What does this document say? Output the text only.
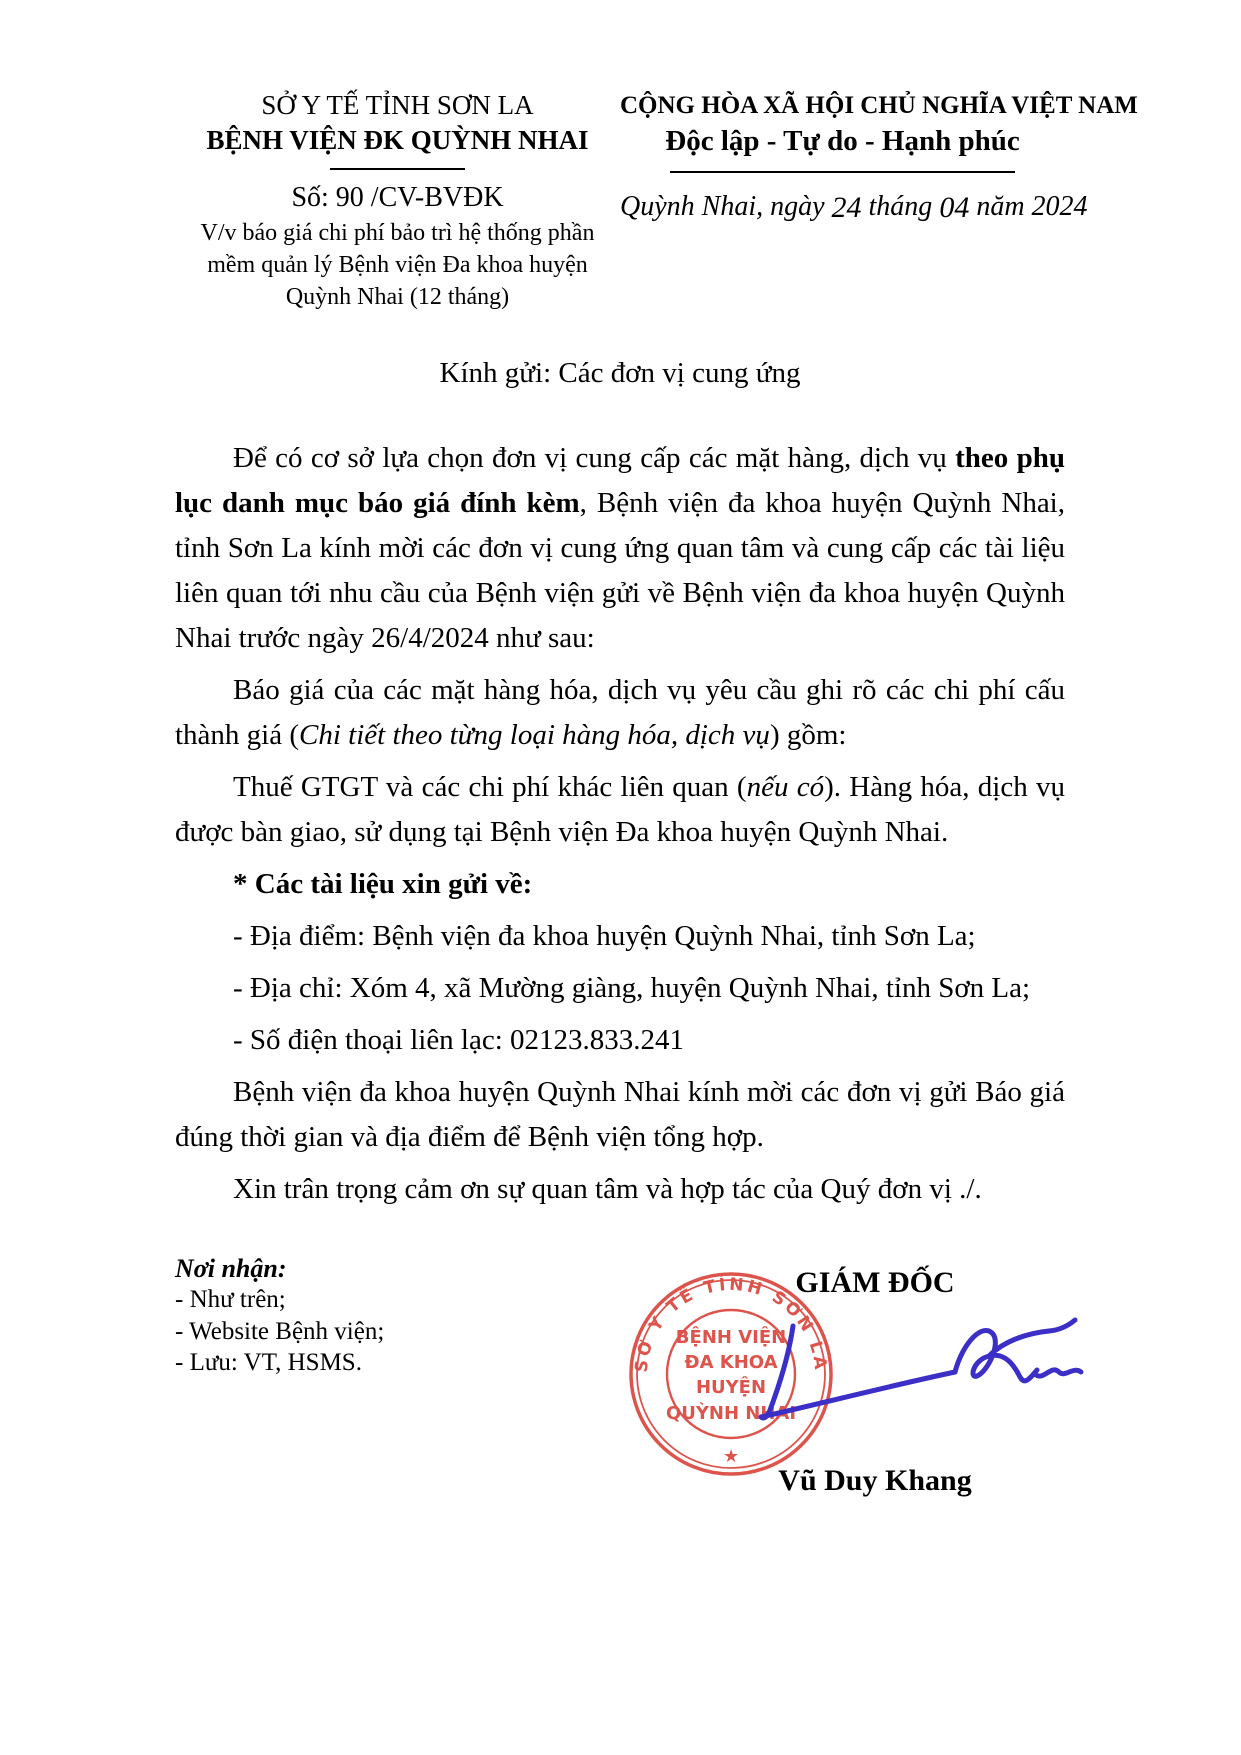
SỞ Y TẾ TỈNH SƠN LA
BỆNH VIỆN ĐK QUỲNH NHAI
Số: 90 /CV-BVĐK
V/v báo giá chi phí bảo trì hệ thống phần mềm quản lý Bệnh viện Đa khoa huyện Quỳnh Nhai (12 tháng)
CỘNG HÒA XÃ HỘI CHỦ NGHĨA VIỆT NAM
Độc lập - Tự do - Hạnh phúc
Quỳnh Nhai, ngày 24 tháng 04 năm 2024
Kính gửi: Các đơn vị cung ứng

Để có cơ sở lựa chọn đơn vị cung cấp các mặt hàng, dịch vụ theo phụ lục danh mục báo giá đính kèm, Bệnh viện đa khoa huyện Quỳnh Nhai, tỉnh Sơn La kính mời các đơn vị cung ứng quan tâm và cung cấp các tài liệu liên quan tới nhu cầu của Bệnh viện gửi về Bệnh viện đa khoa huyện Quỳnh Nhai trước ngày 26/4/2024 như sau:

Báo giá của các mặt hàng hóa, dịch vụ yêu cầu ghi rõ các chi phí cấu thành giá (Chi tiết theo từng loại hàng hóa, dịch vụ) gồm:

Thuế GTGT và các chi phí khác liên quan (nếu có). Hàng hóa, dịch vụ được bàn giao, sử dụng tại Bệnh viện Đa khoa huyện Quỳnh Nhai.

* Các tài liệu xin gửi về:

- Địa điểm: Bệnh viện đa khoa huyện Quỳnh Nhai, tỉnh Sơn La;

- Địa chỉ: Xóm 4, xã Mường giàng, huyện Quỳnh Nhai, tỉnh Sơn La;

- Số điện thoại liên lạc: 02123.833.241

Bệnh viện đa khoa huyện Quỳnh Nhai kính mời các đơn vị gửi Báo giá đúng thời gian và địa điểm để Bệnh viện tổng hợp.

Xin trân trọng cảm ơn sự quan tâm và hợp tác của Quý đơn vị ./.

Nơi nhận:
- Như trên;
- Website Bệnh viện;
- Lưu: VT, HSMS.
GIÁM ĐỐC
SỞ Y TẾ TỈNH SƠN LA
BỆNH VIỆN
ĐA KHOA
HUYỆN
QUỲNH NHAI
★
Vũ Duy Khang
